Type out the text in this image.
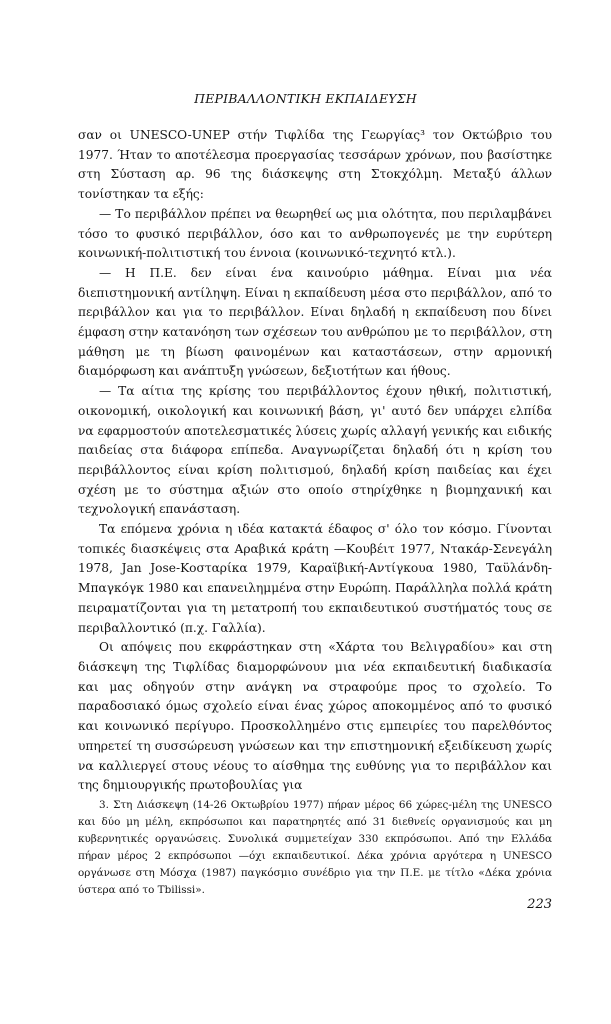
ΠΕΡΙΒΑΛΛΟΝΤΙΚΗ ΕΚΠΑΙΔΕΥΣΗ

σαν οι UNESCO-UNEP στήν Τιφλίδα της Γεωργίας³ τον Οκτώβριο του 1977. Ήταν το αποτέλεσμα προεργασίας τεσσάρων χρόνων, που βασίστηκε στη Σύσταση αρ. 96 της διάσκεψης στη Στοκχόλμη. Μεταξύ άλλων τονίστηκαν τα εξής:

— Το περιβάλλον πρέπει να θεωρηθεί ως μια ολότητα, που περιλαμβάνει τόσο το φυσικό περιβάλλον, όσο και το ανθρωπογενές με την ευρύτερη κοινωνική-πολιτιστική του έννοια (κοινωνικό-τεχνητό κτλ.).

— Η Π.Ε. δεν είναι ένα καινούριο μάθημα. Είναι μια νέα διεπιστημονική αντίληψη. Είναι η εκπαίδευση μέσα στο περιβάλλον, από το περιβάλλον και για το περιβάλλον. Είναι δηλαδή η εκπαίδευση που δίνει έμφαση στην κατανόηση των σχέσεων του ανθρώπου με το περιβάλλον, στη μάθηση με τη βίωση φαινομένων και καταστάσεων, στην αρμονική διαμόρφωση και ανάπτυξη γνώσεων, δεξιοτήτων και ήθους.

— Τα αίτια της κρίσης του περιβάλλοντος έχουν ηθική, πολιτιστική, οικονομική, οικολογική και κοινωνική βάση, γι' αυτό δεν υπάρχει ελπίδα να εφαρμοστούν αποτελεσματικές λύσεις χωρίς αλλαγή γενικής και ειδικής παιδείας στα διάφορα επίπεδα. Αναγνωρίζεται δηλαδή ότι η κρίση του περιβάλλοντος είναι κρίση πολιτισμού, δηλαδή κρίση παιδείας και έχει σχέση με το σύστημα αξιών στο οποίο στηρίχθηκε η βιομηχανική και τεχνολογική επανάσταση.

Τα επόμενα χρόνια η ιδέα κατακτά έδαφος σ' όλο τον κόσμο. Γίνονται τοπικές διασκέψεις στα Αραβικά κράτη —Κουβέιτ 1977, Ντακάρ-Σενεγάλη 1978, Jan Jose-Κοσταρίκα 1979, Καραϊβική-Αντίγκουα 1980, Ταϋλάνδη-Μπαγκόγκ 1980 και επανειλημμένα στην Ευρώπη. Παράλληλα πολλά κράτη πειραματίζονται για τη μετατροπή του εκπαιδευτικού συστήματός τους σε περιβαλλοντικό (π.χ. Γαλλία).

Οι απόψεις που εκφράστηκαν στη «Χάρτα του Βελιγραδίου» και στη διάσκεψη της Τιφλίδας διαμορφώνουν μια νέα εκπαιδευτική διαδικασία και μας οδηγούν στην ανάγκη να στραφούμε προς το σχολείο. Το παραδοσιακό όμως σχολείο είναι ένας χώρος αποκομμένος από το φυσικό και κοινωνικό περίγυρο. Προσκολλημένο στις εμπειρίες του παρελθόντος υπηρετεί τη συσσώρευση γνώσεων και την επιστημονική εξειδίκευση χωρίς να καλλιεργεί στους νέους το αίσθημα της ευθύνης για το περιβάλλον και της δημιουργικής πρωτοβουλίας για

3. Στη Διάσκεψη (14-26 Οκτωβρίου 1977) πήραν μέρος 66 χώρες-μέλη της UNESCO και δύο μη μέλη, εκπρόσωποι και παρατηρητές από 31 διεθνείς οργανισμούς και μη κυβερνητικές οργανώσεις. Συνολικά συμμετείχαν 330 εκπρόσωποι. Από την Ελλάδα πήραν μέρος 2 εκπρόσωποι —όχι εκπαιδευτικοί. Δέκα χρόνια αργότερα η UNESCO οργάνωσε στη Μόσχα (1987) παγκόσμιο συνέδριο για την Π.Ε. με τίτλο «Δέκα χρόνια ύστερα από το Tbilissi».

223
